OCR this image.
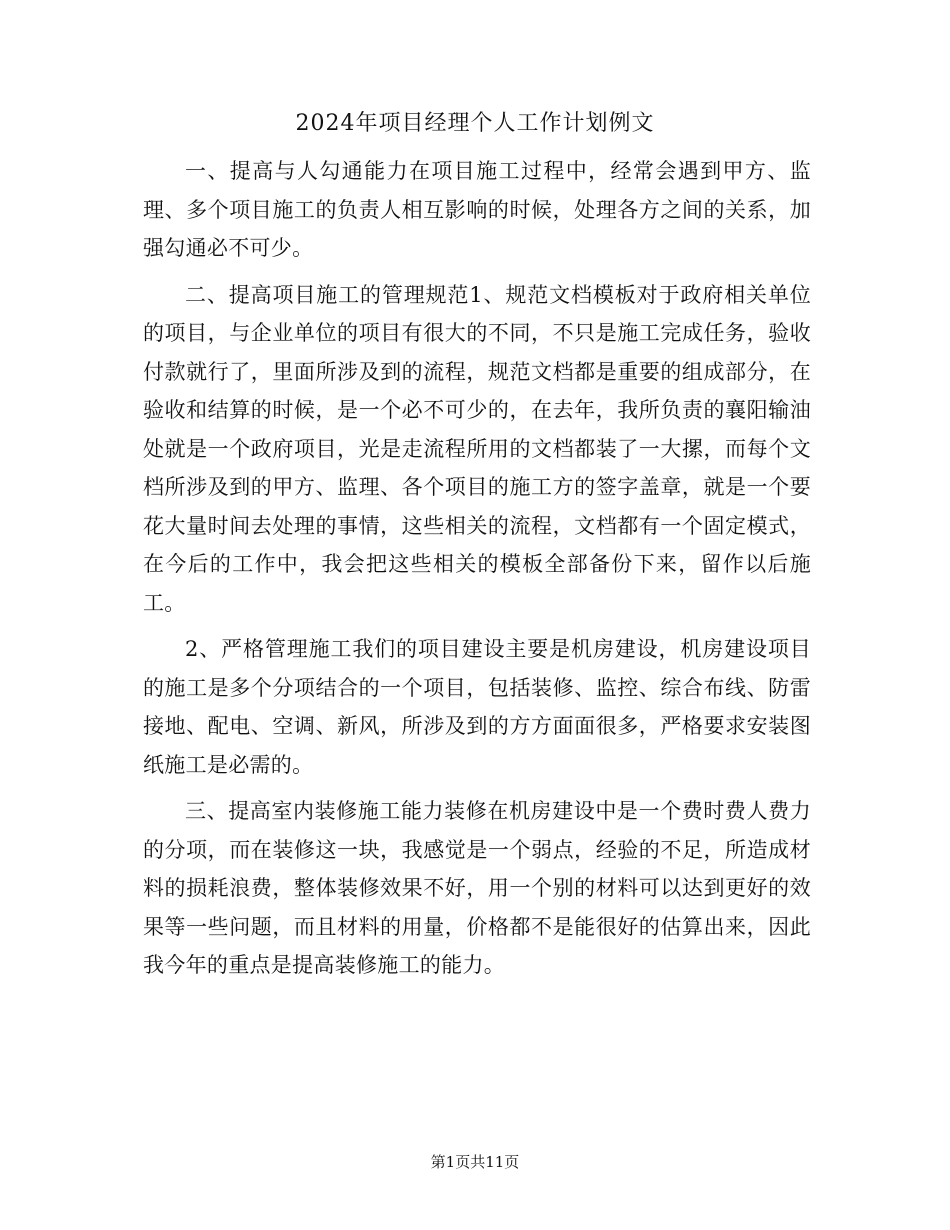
2024年项目经理个人工作计划例文

一、提高与人勾通能力在项目施工过程中，经常会遇到甲方、监理、多个项目施工的负责人相互影响的时候，处理各方之间的关系，加强勾通必不可少。

二、提高项目施工的管理规范1、规范文档模板对于政府相关单位的项目，与企业单位的项目有很大的不同，不只是施工完成任务，验收付款就行了，里面所涉及到的流程，规范文档都是重要的组成部分，在验收和结算的时候，是一个必不可少的，在去年，我所负责的襄阳输油处就是一个政府项目，光是走流程所用的文档都装了一大摞，而每个文档所涉及到的甲方、监理、各个项目的施工方的签字盖章，就是一个要花大量时间去处理的事情，这些相关的流程，文档都有一个固定模式，在今后的工作中，我会把这些相关的模板全部备份下来，留作以后施工。

2、严格管理施工我们的项目建设主要是机房建设，机房建设项目的施工是多个分项结合的一个项目，包括装修、监控、综合布线、防雷接地、配电、空调、新风，所涉及到的方方面面很多，严格要求安装图纸施工是必需的。

三、提高室内装修施工能力装修在机房建设中是一个费时费人费力的分项，而在装修这一块，我感觉是一个弱点，经验的不足，所造成材料的损耗浪费，整体装修效果不好，用一个别的材料可以达到更好的效果等一些问题，而且材料的用量，价格都不是能很好的估算出来，因此我今年的重点是提高装修施工的能力。

第1页共11页
